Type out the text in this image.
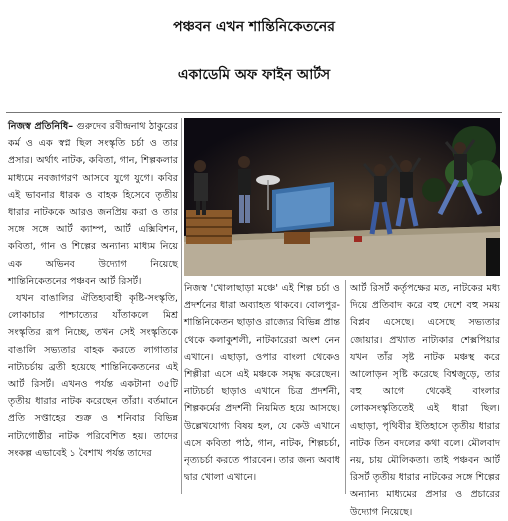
পঞ্চবন এখন শান্তিনিকেতনের
একাডেমি অফ ফাইন আর্টস

নিজস্ব প্রতিনিধি– গুরুদেব রবীন্দ্রনাথ ঠাকুরের কর্ম ও এক স্বপ্ন ছিল সংস্কৃতি চর্চা ও তার প্রসার। অর্থাৎ নাটক, কবিতা, গান, শিল্পকলার মাধ্যমে নবজাগরণ আসবে যুগে যুগে। কবির এই ভাবনার ধারক ও বাহক হিসেবে তৃতীয় ধারার নাটককে আরও জনপ্রিয় করা ও তার সঙ্গে সঙ্গে আর্ট ক্যাম্প, আর্ট এক্সিবিশন, কবিতা, গান ও শিল্পের অন্যান্য মাধ্যম নিয়ে এক অভিনব উদ্যোগ নিয়েছে শান্তিনিকেতনের পঞ্চবন আর্ট রিসর্ট।

যখন বাঙালির ঐতিহ্যবাহী কৃষ্টি-সংস্কৃতি, লোকাচার পাশ্চাত্যের যাঁতাকলে মিশ্র সংস্কৃতির রূপ নিচ্ছে, তখন সেই সংস্কৃতিকে বাঙালি সভ্যতার বাহক করতে লাগাতার নাট্যচর্চায় ব্রতী হয়েছে শান্তিনিকেতনের এই আর্ট রিসর্ট। এখনও পর্যন্ত একটানা ৩৫টি তৃতীয় ধারার নাটক করেছেন তাঁরা। বর্তমানে প্রতি সপ্তাহের শুক্র ও শনিবার বিভিন্ন নাট্যগোষ্ঠীর নাটক পরিবেশিত হয়। তাদের সংকল্প এভাবেই ১ বৈশাখ পর্যন্ত তাদের

নিজস্ব 'খোলাছাড়া মঞ্চে' এই শিল্প চর্চা ও প্রদর্শনের ধারা অব্যাহত থাকবে। বোলপুর-শান্তিনিকেতন ছাড়াও রাজ্যের বিভিন্ন প্রান্ত থেকে কলাকুশলী, নাটকারেরা অংশ নেন এখানে। এছাড়া, ওপার বাংলা থেকেও শিল্পীরা এসে এই মঞ্চকে সমৃদ্ধ করেছেন। নাট্যচর্চা ছাড়াও এখানে চিত্র প্রদর্শনী, শিল্পকর্মের প্রদর্শনী নিয়মিত হয়ে আসছে। উল্লেখযোগ্য বিষয় হল, যে কেউ এখানে এসে কবিতা পাঠ, গান, নাটক, শিল্পচর্চা, নৃত্যচর্চা করতে পারবেন। তার জন্য অবাধ দ্বার খোলা এখানে।

আর্ট রিসর্ট কর্তৃপক্ষের মত, নাটকের মধ্য দিয়ে প্রতিবাদ করে বহু দেশে বহু সময় বিপ্লব এসেছে। এসেছে সভ্যতার জোয়ার। প্রখ্যাত নাট্যকার শেক্সপিয়ার যখন তাঁর সৃষ্ট নাটক মঞ্চস্থ করে আলোড়ন সৃষ্টি করেছে বিশ্বজুড়ে, তার বহু আগে থেকেই বাংলার লোকসংস্কৃতিতেই এই ধারা ছিল। এছাড়া, পৃথিবীর ইতিহাসে তৃতীয় ধারার নাটক তিন বদলের কথা বলে। মৌলবাদ নয়, চায় মৌলিকতা। তাই পঞ্চবন আর্ট রিসর্ট তৃতীয় ধারার নাটকের সঙ্গে শিল্পের অন্যান্য মাধ্যমের প্রসার ও প্রচারের উদ্যোগ নিয়েছে।
